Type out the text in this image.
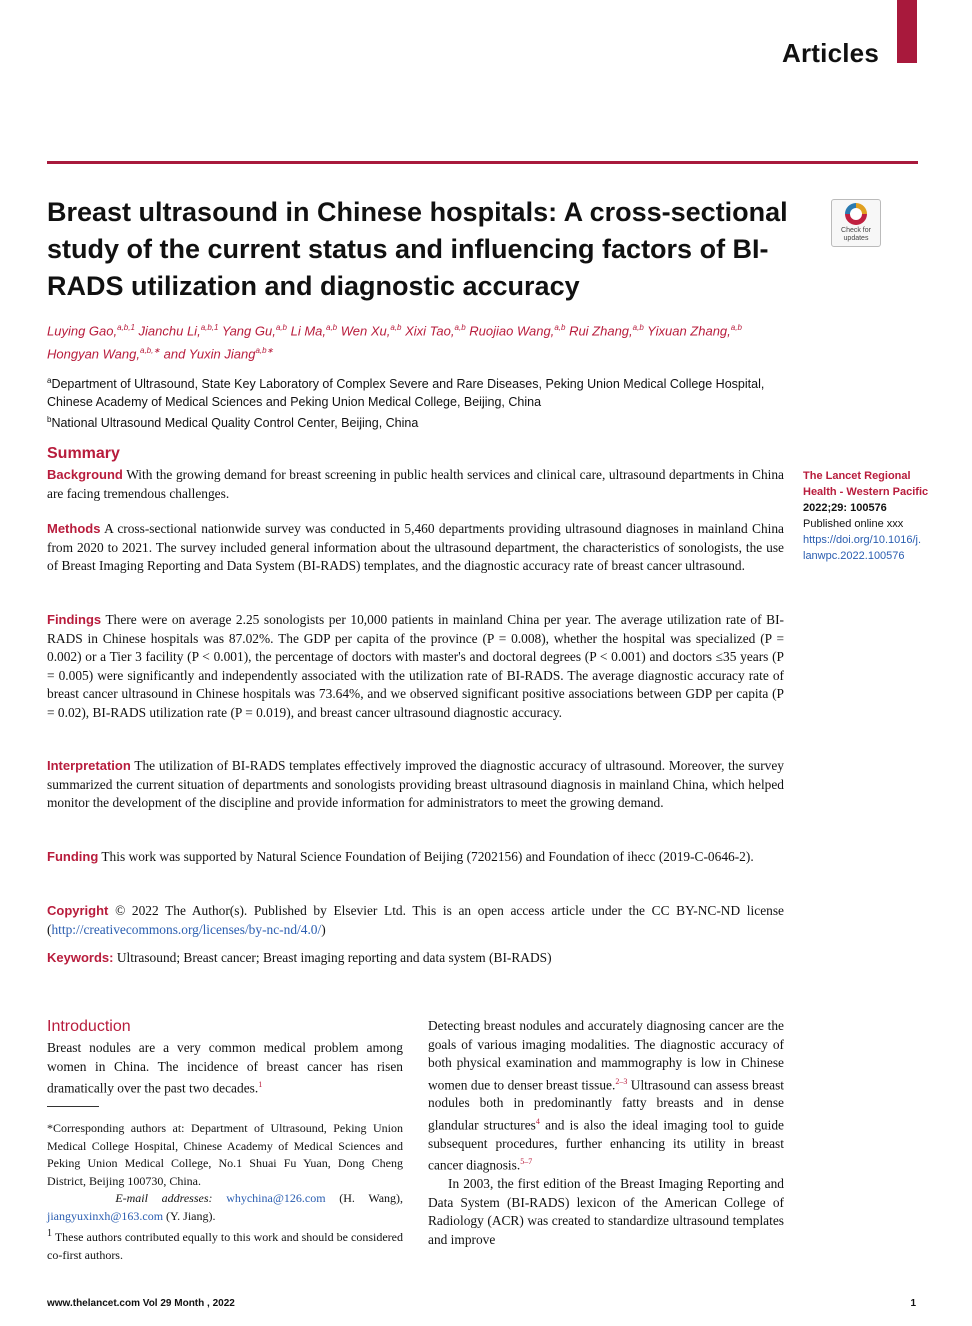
Articles
Breast ultrasound in Chinese hospitals: A cross-sectional study of the current status and influencing factors of BI-RADS utilization and diagnostic accuracy
Check for
updates
Luying Gao,$^{a,b,1}$ Jianchu Li,$^{a,b,1}$ Yang Gu,$^{a,b}$ Li Ma,$^{a,b}$ Wen Xu,$^{a,b}$ Xixi Tao,$^{a,b}$ Ruojiao Wang,$^{a,b}$ Rui Zhang,$^{a,b}$ Yixuan Zhang,$^{a,b}$
Hongyan Wang,$^{a,b,∗}$ and Yuxin Jiang$^{a,b∗}$
$^a$Department of Ultrasound, State Key Laboratory of Complex Severe and Rare Diseases, Peking Union Medical College Hospital, Chinese Academy of Medical Sciences and Peking Union Medical College, Beijing, China
$^b$National Ultrasound Medical Quality Control Center, Beijing, China
Summary
Background With the growing demand for breast screening in public health services and clinical care, ultrasound departments in China are facing tremendous challenges.
Methods A cross-sectional nationwide survey was conducted in 5,460 departments providing ultrasound diagnoses in mainland China from 2020 to 2021. The survey included general information about the ultrasound department, the characteristics of sonologists, the use of Breast Imaging Reporting and Data System (BI-RADS) templates, and the diagnostic accuracy rate of breast cancer ultrasound.
Findings There were on average 2.25 sonologists per 10,000 patients in mainland China per year. The average utilization rate of BI-RADS in Chinese hospitals was 87.02%. The GDP per capita of the province (P = 0.008), whether the hospital was specialized (P = 0.002) or a Tier 3 facility (P < 0.001), the percentage of doctors with master's and doctoral degrees (P < 0.001) and doctors ≤35 years (P = 0.005) were significantly and independently associated with the utilization rate of BI-RADS. The average diagnostic accuracy rate of breast cancer ultrasound in Chinese hospitals was 73.64%, and we observed significant positive associations between GDP per capita (P = 0.02), BI-RADS utilization rate (P = 0.019), and breast cancer ultrasound diagnostic accuracy.
Interpretation The utilization of BI-RADS templates effectively improved the diagnostic accuracy of ultrasound. Moreover, the survey summarized the current situation of departments and sonologists providing breast ultrasound diagnosis in mainland China, which helped monitor the development of the discipline and provide information for administrators to meet the growing demand.
Funding This work was supported by Natural Science Foundation of Beijing (7202156) and Foundation of ihecc (2019-C-0646-2).
Copyright © 2022 The Author(s). Published by Elsevier Ltd. This is an open access article under the CC BY-NC-ND license (http://creativecommons.org/licenses/by-nc-nd/4.0/)
Keywords: Ultrasound; Breast cancer; Breast imaging reporting and data system (BI-RADS)
The Lancet Regional
Health - Western Pacific
2022;29: 100576
Published online xxx
https://doi.org/10.1016/j.
lanwpc.2022.100576
Introduction
Breast nodules are a very common medical problem among women in China. The incidence of breast cancer has risen dramatically over the past two decades.$^1$
*Corresponding authors at: Department of Ultrasound, Peking Union Medical College Hospital, Chinese Academy of Medical Sciences and Peking Union Medical College, No.1 Shuai Fu Yuan, Dong Cheng District, Beijing 100730, China.
E-mail addresses: whychina@126.com (H. Wang), jiangyuxinxh@163.com (Y. Jiang).
$^1$ These authors contributed equally to this work and should be considered co-first authors.
Detecting breast nodules and accurately diagnosing cancer are the goals of various imaging modalities. The diagnostic accuracy of both physical examination and mammography is low in Chinese women due to denser breast tissue.$^{2-3}$ Ultrasound can assess breast nodules both in predominantly fatty breasts and in dense glandular structures$^4$ and is also the ideal imaging tool to guide subsequent procedures, further enhancing its utility in breast cancer diagnosis.$^{5-7}$
In 2003, the first edition of the Breast Imaging Reporting and Data System (BI-RADS) lexicon of the American College of Radiology (ACR) was created to standardize ultrasound templates and improve
www.thelancet.com Vol 29 Month , 2022	1
